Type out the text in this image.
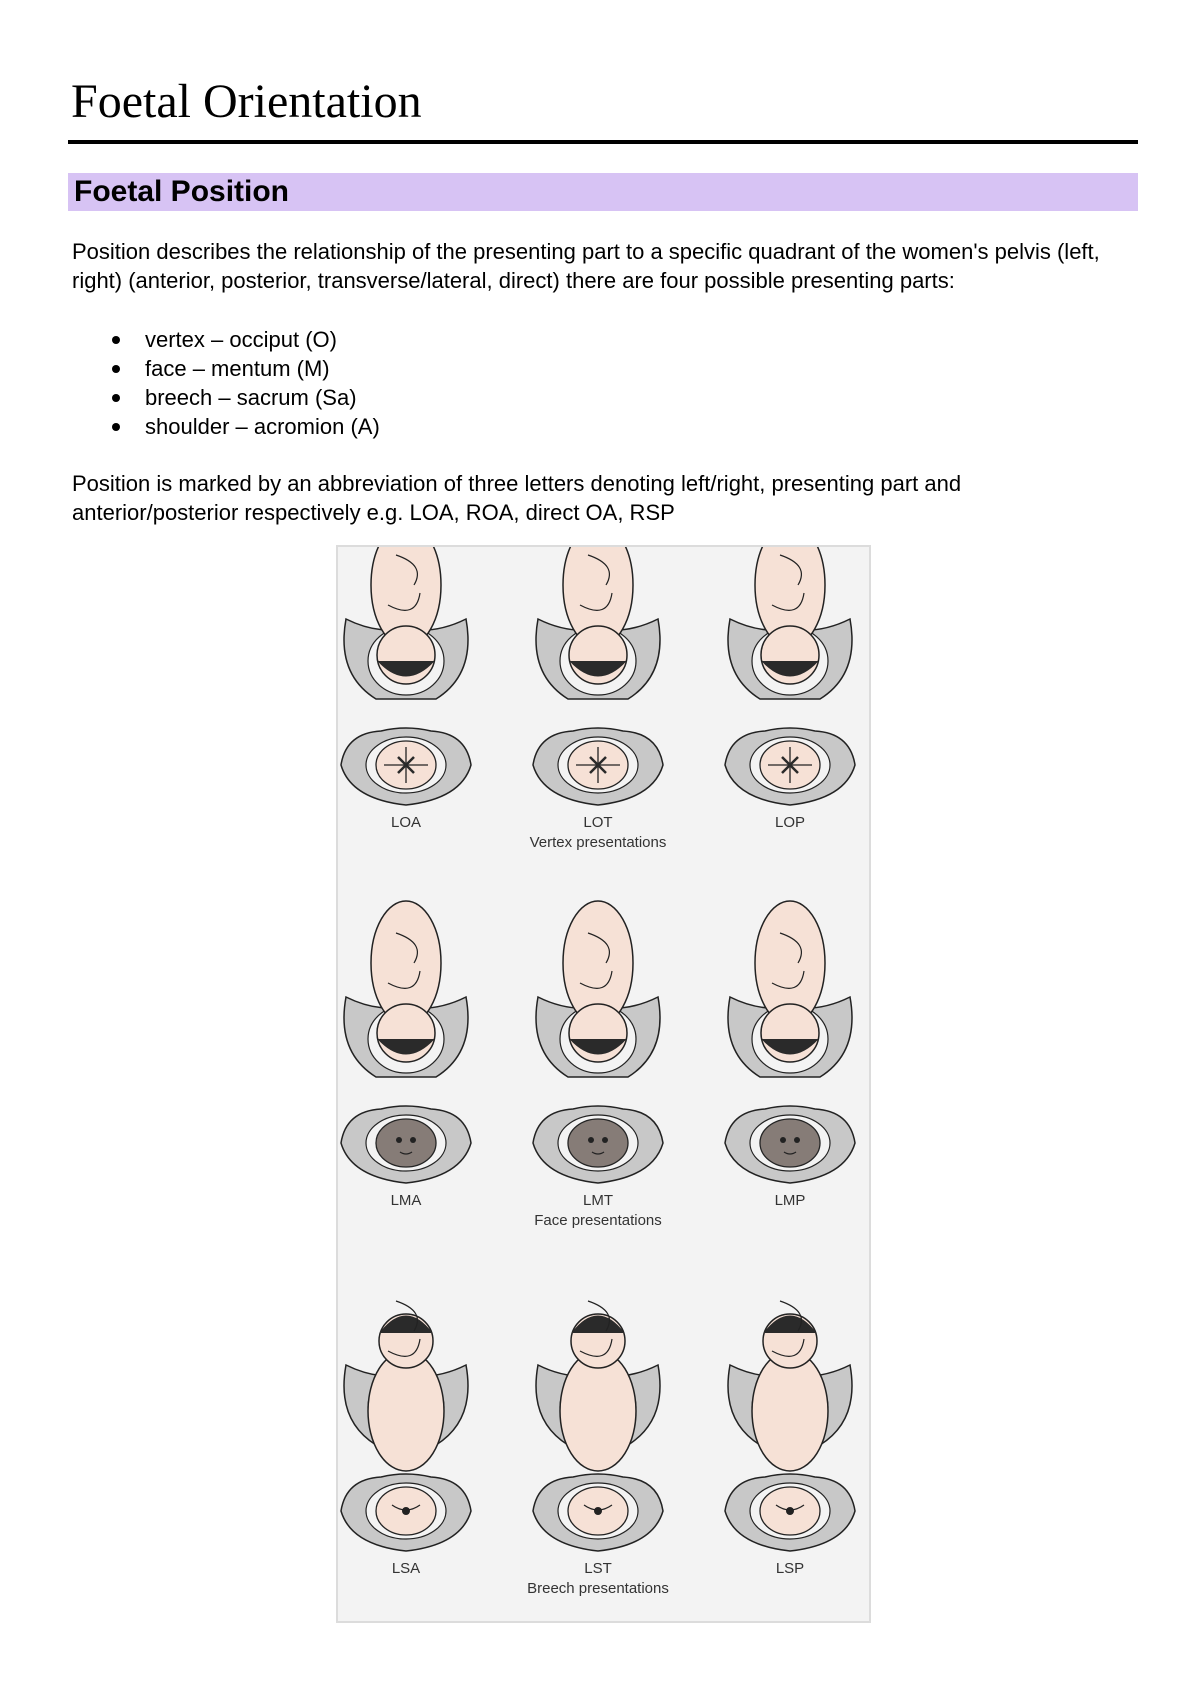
Foetal Orientation
Foetal Position

Position describes the relationship of the presenting part to a specific quadrant of the women's pelvis (left, right) (anterior, posterior, transverse/lateral, direct) there are four possible presenting parts:

vertex – occiput (O)
face – mentum (M)
breech – sacrum (Sa)
shoulder – acromion (A)

Position is marked by an abbreviation of three letters denoting left/right, presenting part and anterior/posterior respectively e.g. LOA, ROA, direct OA, RSP

LOA	LOT	LOP
Vertex presentations
LMA	LMT	LMP
Face presentations
LSA	LST	LSP
Breech presentations
